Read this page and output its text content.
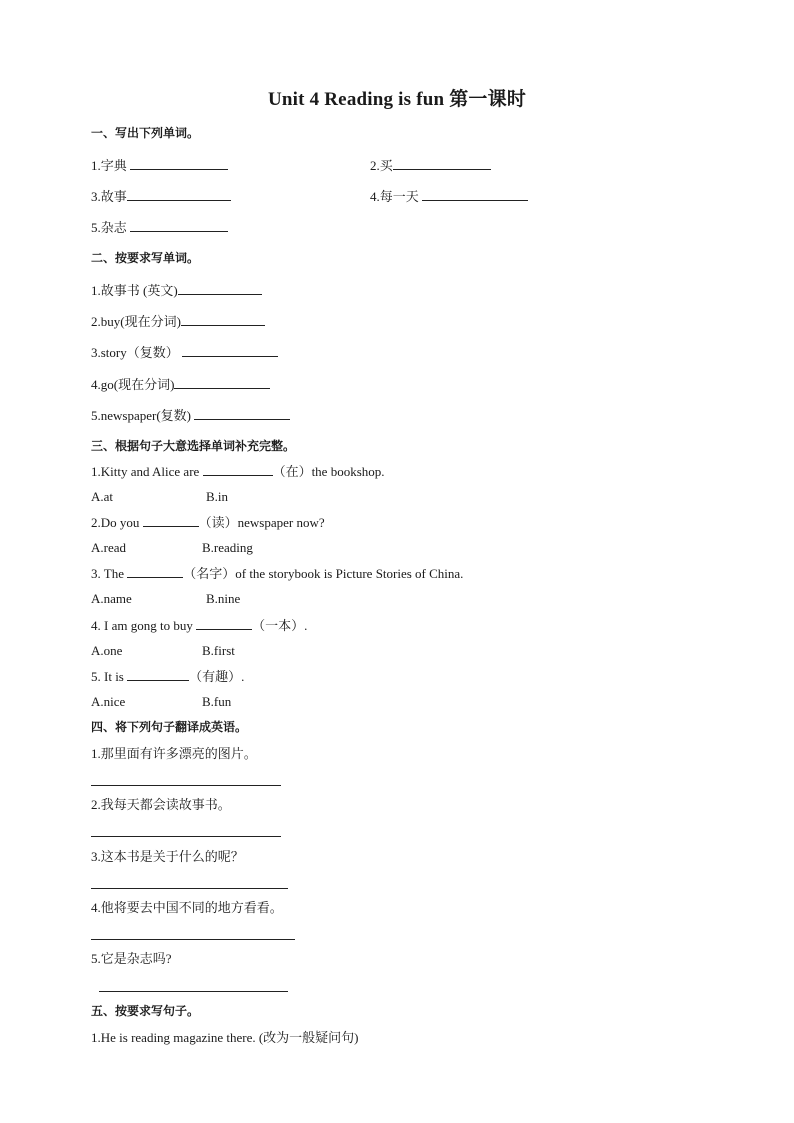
Unit 4 Reading is fun 第一课时
一、写出下列单词。
1.字典	2.买
3.故事	4.每一天
5.杂志
二、按要求写单词。
1.故事书 (英文)
2.buy(现在分词)
3.story（复数）
4.go(现在分词)
5.newspaper(复数)
三、根据句子大意选择单词补充完整。
1.Kitty and Alice are	（在）the bookshop.
A.at	B.in
2.Do you	（读）newspaper now?
A.read	B.reading
3. The	（名字）of the storybook is Picture Stories of China.
A.name	B.nine
4. I am gong to buy	（一本）.
A.one	B.first
5. It is	（有趣）.
A.nice	B.fun
四、将下列句子翻译成英语。
1.那里面有许多漂亮的图片。
2.我每天都会读故事书。
3.这本书是关于什么的呢？
4.他将要去中国不同的地方看看。
5.它是杂志吗?
五、按要求写句子。
1.He is reading magazine there. (改为一般疑问句)
